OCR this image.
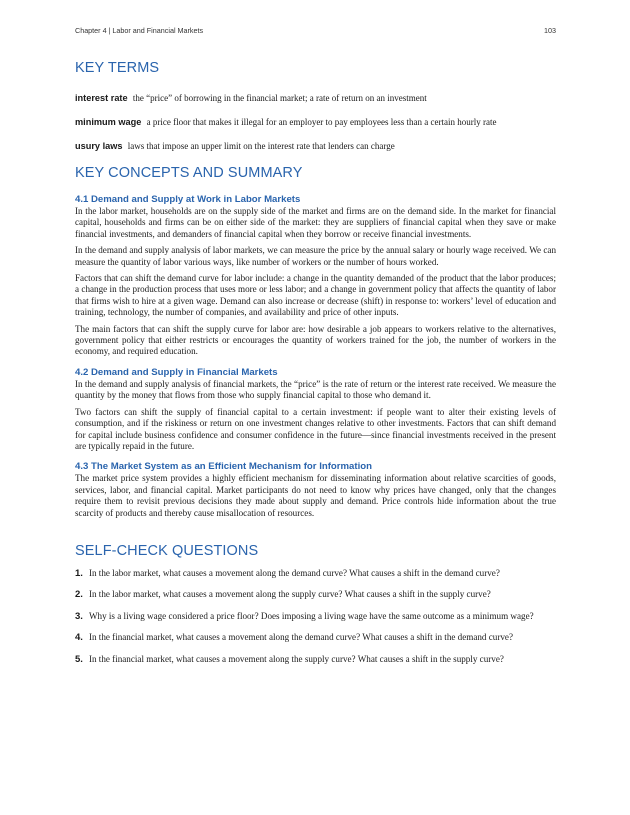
Chapter 4 | Labor and Financial Markets	103
KEY TERMS
interest rate the “price” of borrowing in the financial market; a rate of return on an investment
minimum wage a price floor that makes it illegal for an employer to pay employees less than a certain hourly rate
usury laws laws that impose an upper limit on the interest rate that lenders can charge
KEY CONCEPTS AND SUMMARY
4.1 Demand and Supply at Work in Labor Markets

In the labor market, households are on the supply side of the market and firms are on the demand side. In the market for financial capital, households and firms can be on either side of the market: they are suppliers of financial capital when they save or make financial investments, and demanders of financial capital when they borrow or receive financial investments.

In the demand and supply analysis of labor markets, we can measure the price by the annual salary or hourly wage received. We can measure the quantity of labor various ways, like number of workers or the number of hours worked.

Factors that can shift the demand curve for labor include: a change in the quantity demanded of the product that the labor produces; a change in the production process that uses more or less labor; and a change in government policy that affects the quantity of labor that firms wish to hire at a given wage. Demand can also increase or decrease (shift) in response to: workers’ level of education and training, technology, the number of companies, and availability and price of other inputs.

The main factors that can shift the supply curve for labor are: how desirable a job appears to workers relative to the alternatives, government policy that either restricts or encourages the quantity of workers trained for the job, the number of workers in the economy, and required education.

4.2 Demand and Supply in Financial Markets

In the demand and supply analysis of financial markets, the “price” is the rate of return or the interest rate received. We measure the quantity by the money that flows from those who supply financial capital to those who demand it.

Two factors can shift the supply of financial capital to a certain investment: if people want to alter their existing levels of consumption, and if the riskiness or return on one investment changes relative to other investments. Factors that can shift demand for capital include business confidence and consumer confidence in the future—since financial investments received in the present are typically repaid in the future.

4.3 The Market System as an Efficient Mechanism for Information

The market price system provides a highly efficient mechanism for disseminating information about relative scarcities of goods, services, labor, and financial capital. Market participants do not need to know why prices have changed, only that the changes require them to revisit previous decisions they made about supply and demand. Price controls hide information about the true scarcity of products and thereby cause misallocation of resources.

SELF-CHECK QUESTIONS
1. In the labor market, what causes a movement along the demand curve? What causes a shift in the demand curve?
2. In the labor market, what causes a movement along the supply curve? What causes a shift in the supply curve?
3. Why is a living wage considered a price floor? Does imposing a living wage have the same outcome as a minimum wage?
4. In the financial market, what causes a movement along the demand curve? What causes a shift in the demand curve?
5. In the financial market, what causes a movement along the supply curve? What causes a shift in the supply curve?
